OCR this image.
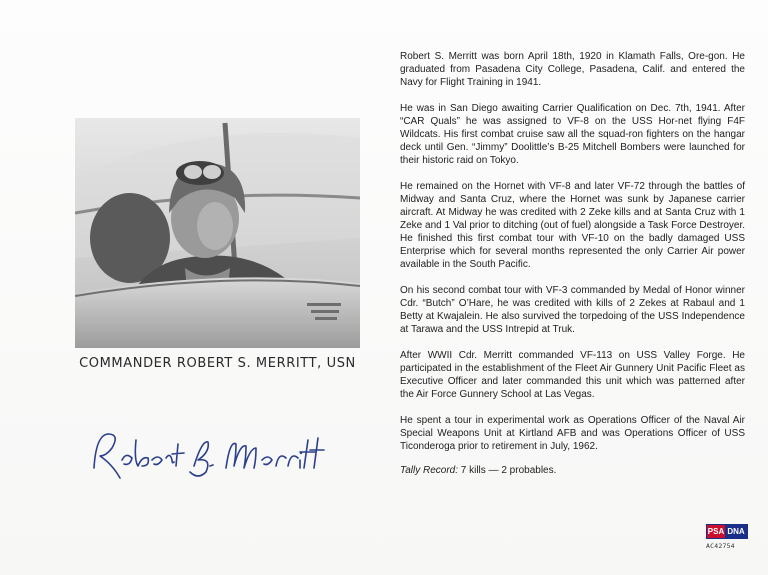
COMMANDER ROBERT S. MERRITT, USN

Robert S. Merritt was born April 18th, 1920 in Klamath Falls, Ore-gon. He graduated from Pasadena City College, Pasadena, Calif. and entered the Navy for Flight Training in 1941.

He was in San Diego awaiting Carrier Qualification on Dec. 7th, 1941. After “CAR Quals” he was assigned to VF-8 on the USS Hor-net flying F4F Wildcats. His first combat cruise saw all the squad-ron fighters on the hangar deck until Gen. “Jimmy” Doolittle’s B-25 Mitchell Bombers were launched for their historic raid on Tokyo.

He remained on the Hornet with VF-8 and later VF-72 through the battles of Midway and Santa Cruz, where the Hornet was sunk by Japanese carrier aircraft. At Midway he was credited with 2 Zeke kills and at Santa Cruz with 1 Zeke and 1 Val prior to ditching (out of fuel) alongside a Task Force Destroyer. He finished this first combat tour with VF-10 on the badly damaged USS Enterprise which for several months represented the only Carrier Air power available in the South Pacific.

On his second combat tour with VF-3 commanded by Medal of Honor winner Cdr. “Butch” O’Hare, he was credited with kills of 2 Zekes at Rabaul and 1 Betty at Kwajalein. He also survived the torpedoing of the USS Independence at Tarawa and the USS Intrepid at Truk.

After WWII Cdr. Merritt commanded VF-113 on USS Valley Forge. He participated in the establishment of the Fleet Air Gunnery Unit Pacific Fleet as Executive Officer and later commanded this unit which was patterned after the Air Force Gunnery School at Las Vegas.

He spent a tour in experimental work as Operations Officer of the Naval Air Special Weapons Unit at Kirtland AFB and was Operations Officer of USS Ticonderoga prior to retirement in July, 1962.

Tally Record: 7 kills — 2 probables.

PSA DNA
AC42754
